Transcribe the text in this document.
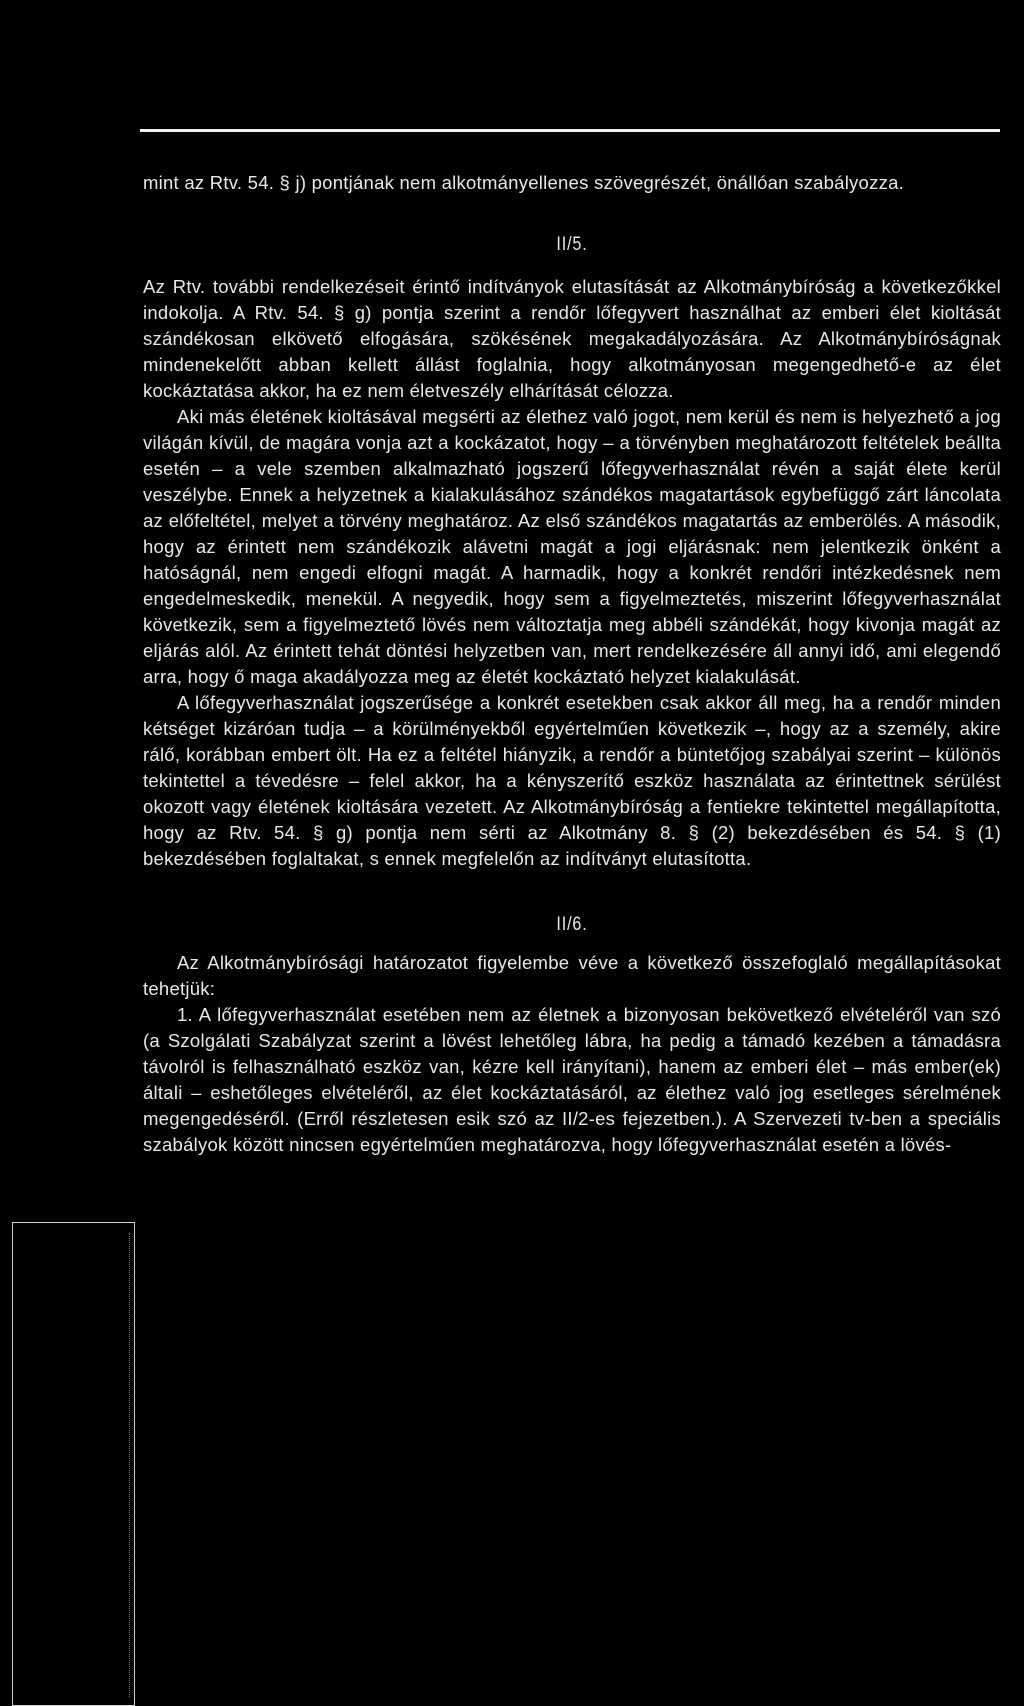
mint az Rtv. 54. § j) pontjának nem alkotmányellenes szövegrészét, önállóan szabályozza.

II/5.

Az Rtv. további rendelkezéseit érintő indítványok elutasítását az Alkotmánybíróság a következőkkel indokolja. A Rtv. 54. § g) pontja szerint a rendőr lőfegyvert használhat az emberi élet kioltását szándékosan elkövető elfogására, szökésének megakadályozására. Az Alkotmánybíróságnak mindenekelőtt abban kellett állást foglalnia, hogy alkotmányosan megengedhető-e az élet kockáztatása akkor, ha ez nem életveszély elhárítását célozza.

Aki más életének kioltásával megsérti az élethez való jogot, nem kerül és nem is helyezhető a jog világán kívül, de magára vonja azt a kockázatot, hogy – a törvényben meghatározott feltételek beállta esetén – a vele szemben alkalmazható jogszerű lőfegyverhasználat révén a saját élete kerül veszélybe. Ennek a helyzetnek a kialakulásához szándékos magatartások egybefüggő zárt láncolata az előfeltétel, melyet a törvény meghatároz. Az első szándékos magatartás az emberölés. A második, hogy az érintett nem szándékozik alávetni magát a jogi eljárásnak: nem jelentkezik önként a hatóságnál, nem engedi elfogni magát. A harmadik, hogy a konkrét rendőri intézkedésnek nem engedelmeskedik, menekül. A negyedik, hogy sem a figyelmeztetés, miszerint lőfegyverhasználat következik, sem a figyelmeztető lövés nem változtatja meg abbéli szándékát, hogy kivonja magát az eljárás alól. Az érintett tehát döntési helyzetben van, mert rendelkezésére áll annyi idő, ami elegendő arra, hogy ő maga akadályozza meg az életét kockáztató helyzet kialakulását.

A lőfegyverhasználat jogszerűsége a konkrét esetekben csak akkor áll meg, ha a rendőr minden kétséget kizáróan tudja – a körülményekből egyértelműen következik –, hogy az a személy, akire rálő, korábban embert ölt. Ha ez a feltétel hiányzik, a rendőr a büntetőjog szabályai szerint – különös tekintettel a tévedésre – felel akkor, ha a kényszerítő eszköz használata az érintettnek sérülést okozott vagy életének kioltására vezetett. Az Alkotmánybíróság a fentiekre tekintettel megállapította, hogy az Rtv. 54. § g) pontja nem sérti az Alkotmány 8. § (2) bekezdésében és 54. § (1) bekezdésében foglaltakat, s ennek megfelelőn az indítványt elutasította.

II/6.

Az Alkotmánybírósági határozatot figyelembe véve a következő összefoglaló megállapításokat tehetjük:

1. A lőfegyverhasználat esetében nem az életnek a bizonyosan bekövetkező elvételéről van szó (a Szolgálati Szabályzat szerint a lövést lehetőleg lábra, ha pedig a támadó kezében a támadásra távolról is felhasználható eszköz van, kézre kell irányítani), hanem az emberi élet – más ember(ek) általi – eshetőleges elvételéről, az élet kockáztatásáról, az élethez való jog esetleges sérelmének megengedéséről. (Erről részletesen esik szó az II/2-es fejezetben.). A Szervezeti tv-ben a speciális szabályok között nincsen egyértelműen meghatározva, hogy lőfegyverhasználat esetén a lövés-
